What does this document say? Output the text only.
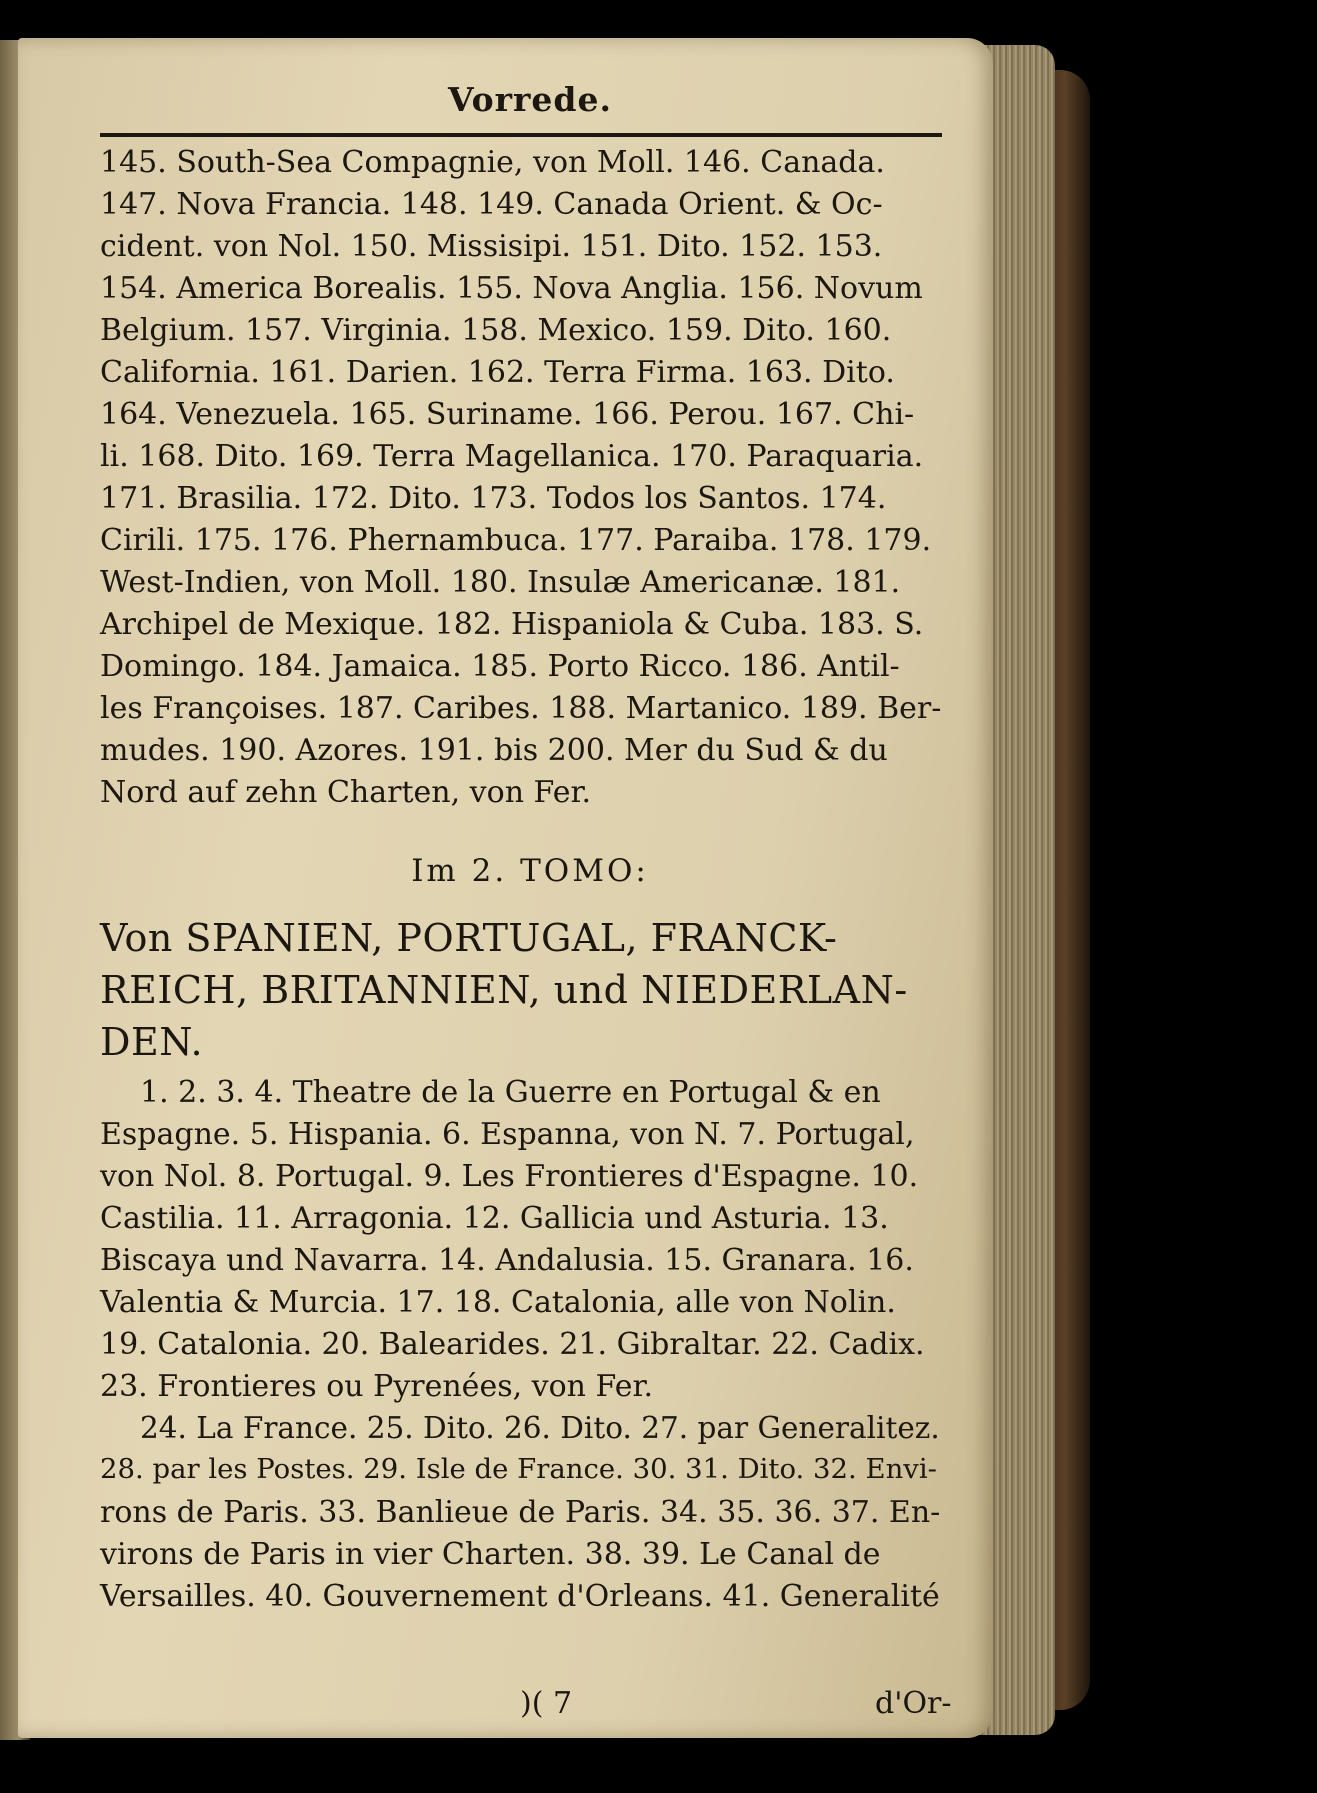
Vorrede.
145. South-Sea Compagnie, von Moll. 146. Canada.
147. Nova Francia. 148. 149. Canada Orient. & Oc-
cident. von Nol. 150. Missisipi. 151. Dito. 152. 153.
154. America Borealis. 155. Nova Anglia. 156. Novum
Belgium. 157. Virginia. 158. Mexico. 159. Dito. 160.
California. 161. Darien. 162. Terra Firma. 163. Dito.
164. Venezuela. 165. Suriname. 166. Perou. 167. Chi-
li. 168. Dito. 169. Terra Magellanica. 170. Paraquaria.
171. Brasilia. 172. Dito. 173. Todos los Santos. 174.
Cirili. 175. 176. Phernambuca. 177. Paraiba. 178. 179.
West-Indien, von Moll. 180. Insulæ Americanæ. 181.
Archipel de Mexique. 182. Hispaniola & Cuba. 183. S.
Domingo. 184. Jamaica. 185. Porto Ricco. 186. Antil-
les Françoises. 187. Caribes. 188. Martanico. 189. Ber-
mudes. 190. Azores. 191. bis 200. Mer du Sud & du
Nord auf zehn Charten, von Fer.
Im 2. TOMO:
Von SPANIEN, PORTUGAL, FRANCK-
REICH, BRITANNIEN, und NIEDERLAN-
DEN.
1. 2. 3. 4. Theatre de la Guerre en Portugal & en
Espagne. 5. Hispania. 6. Espanna, von N. 7. Portugal,
von Nol. 8. Portugal. 9. Les Frontieres d'Espagne. 10.
Castilia. 11. Arragonia. 12. Gallicia und Asturia. 13.
Biscaya und Navarra. 14. Andalusia. 15. Granara. 16.
Valentia & Murcia. 17. 18. Catalonia, alle von Nolin.
19. Catalonia. 20. Balearides. 21. Gibraltar. 22. Cadix.
23. Frontieres ou Pyrenées, von Fer.
24. La France. 25. Dito. 26. Dito. 27. par Generalitez.
28. par les Postes. 29. Isle de France. 30. 31. Dito. 32. Envi-
rons de Paris. 33. Banlieue de Paris. 34. 35. 36. 37. En-
virons de Paris in vier Charten. 38. 39. Le Canal de
Versailles. 40. Gouvernement d'Orleans. 41. Generalité
)( 7	d'Or-
